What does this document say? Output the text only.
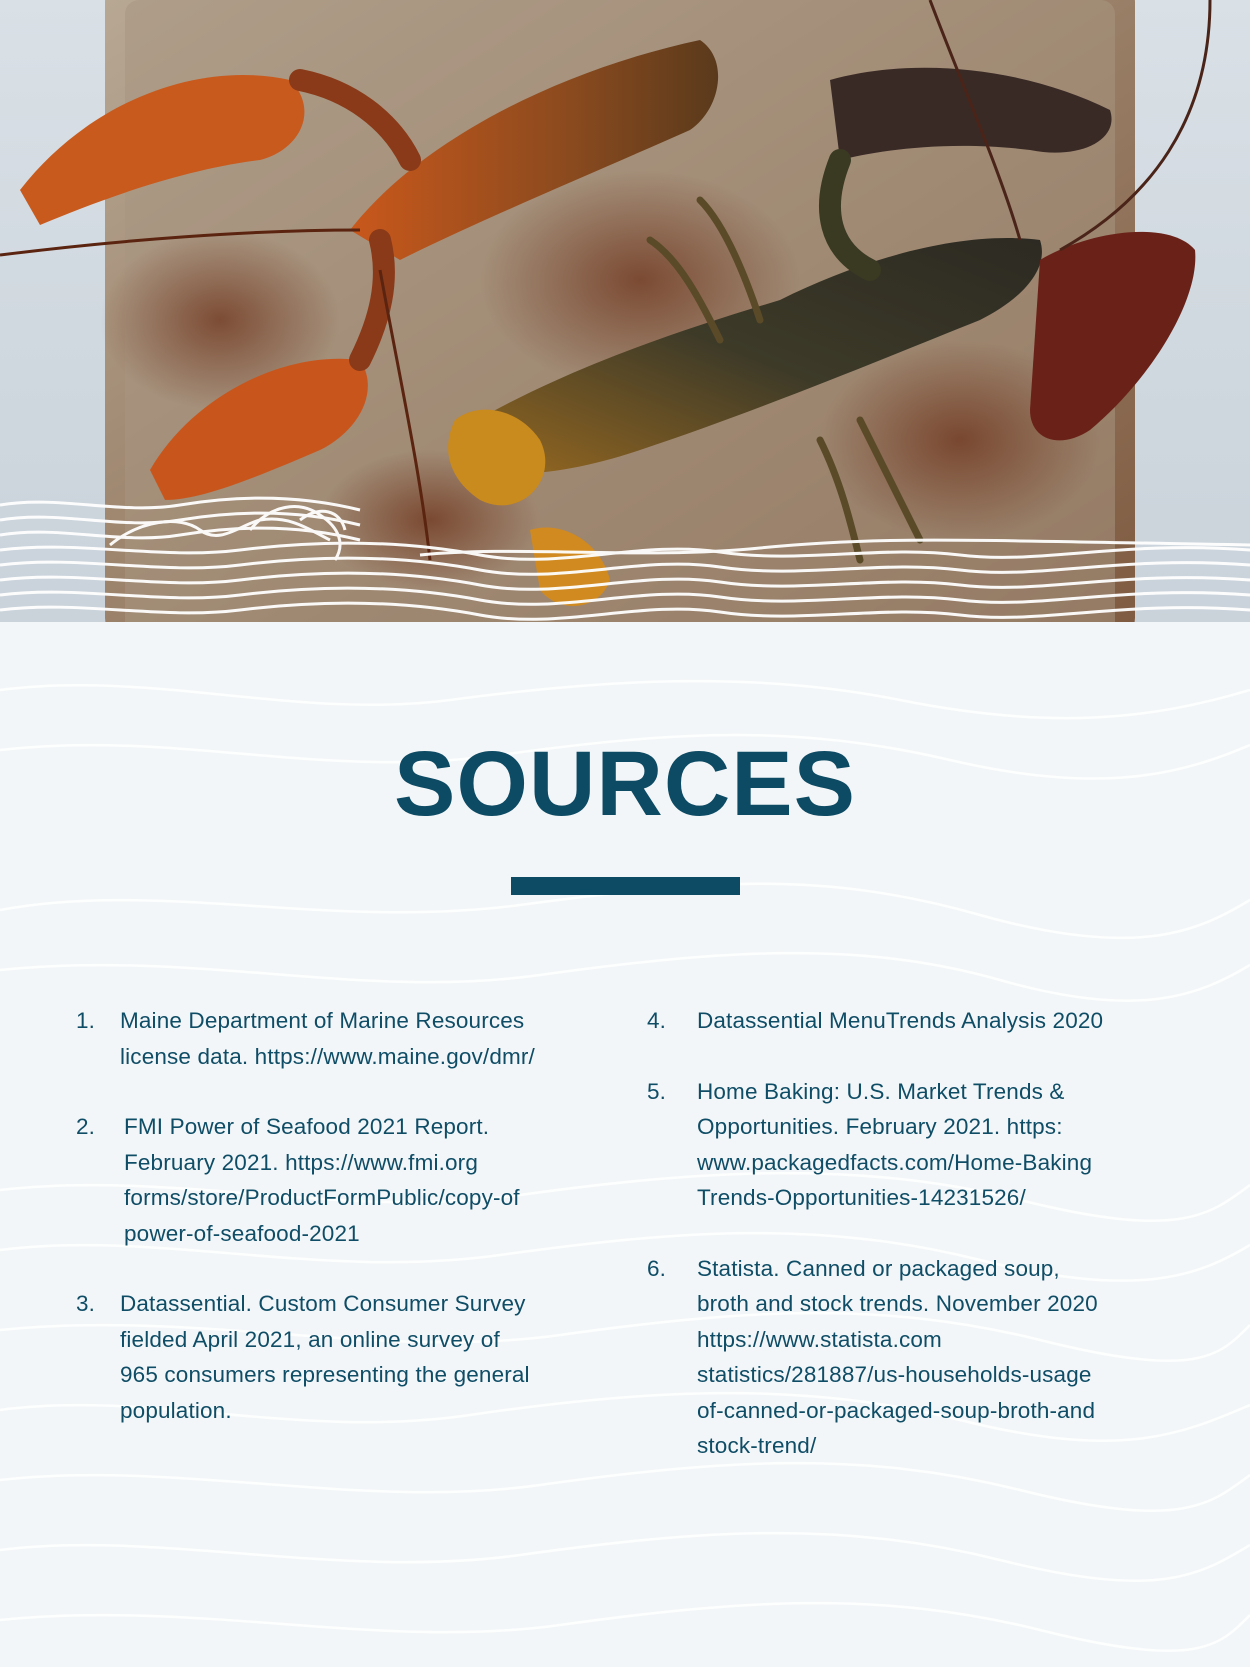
SOURCES
1.	Maine Department of Marine Resources
license data. https://www.maine.gov/dmr/
2.	FMI Power of Seafood 2021 Report.
February 2021. https://www.fmi.org
forms/store/ProductFormPublic/copy-of
power-of-seafood-2021
3.	Datassential. Custom Consumer Survey
fielded April 2021, an online survey of
965 consumers representing the general
population.
4.	Datassential MenuTrends Analysis 2020
5.	Home Baking: U.S. Market Trends &
Opportunities. February 2021. https:
www.packagedfacts.com/Home-Baking
Trends-Opportunities-14231526/
6.	Statista. Canned or packaged soup,
broth and stock trends. November 2020
https://www.statista.com
statistics/281887/us-households-usage
of-canned-or-packaged-soup-broth-and
stock-trend/
